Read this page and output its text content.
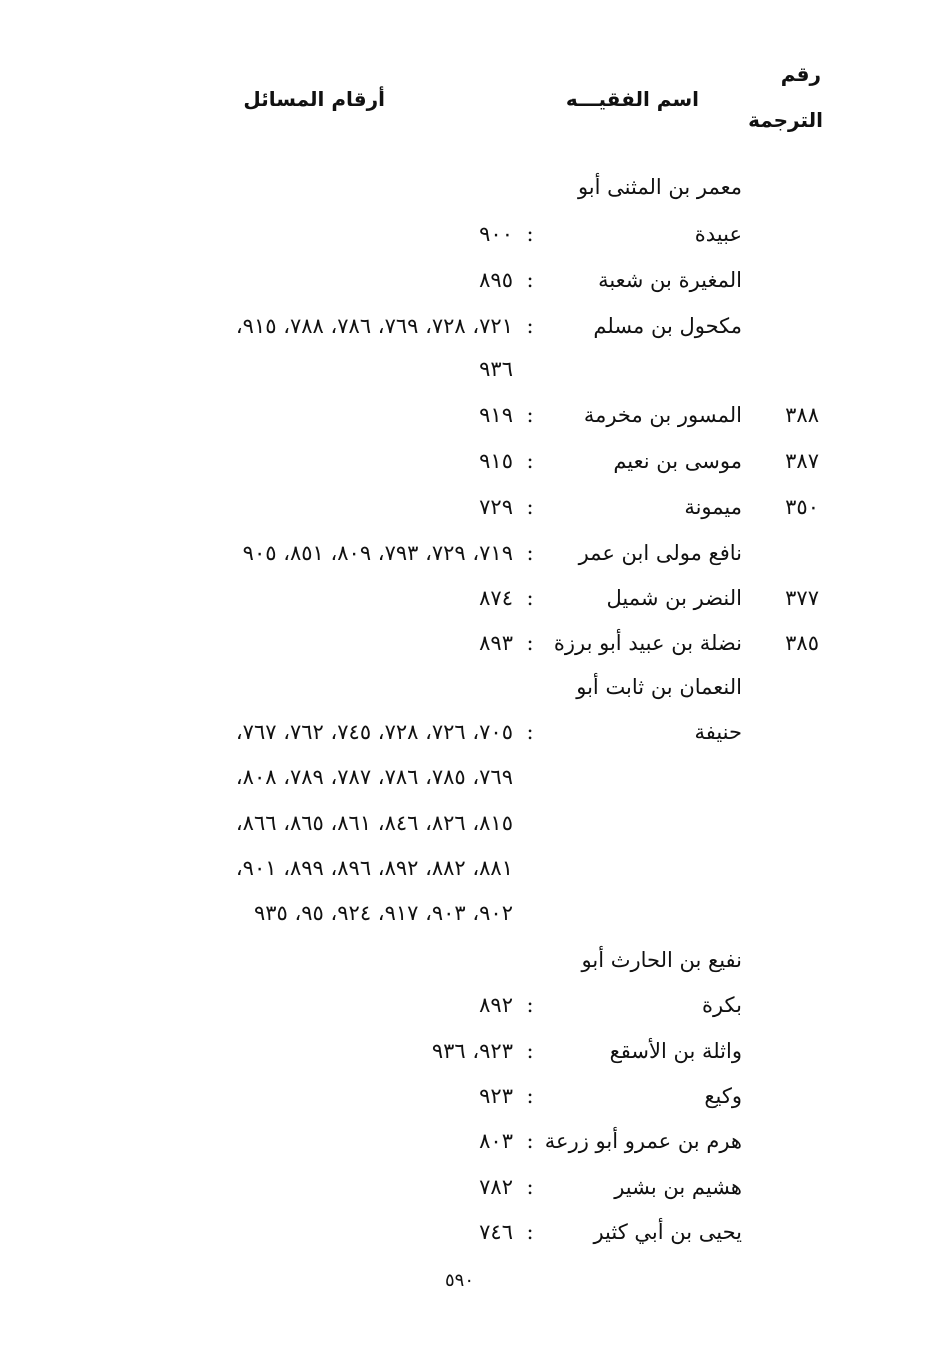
رقم
الترجمة
اسم الفقيـــه
أرقام المسائل
معمر بن المثنى أبو
عبيدة
:
٩٠٠
المغيرة بن شعبة
:
٨٩٥
مكحول بن مسلم
:
٧٢١، ٧٢٨، ٧٦٩، ٧٨٦، ٧٨٨، ٩١٥،
٩٣٦
٣٨٨
المسور بن مخرمة
:
٩١٩
٣٨٧
موسى بن نعيم
:
٩١٥
٣٥٠
ميمونة
:
٧٢٩
نافع مولى ابن عمر
:
٧١٩، ٧٢٩، ٧٩٣، ٨٠٩، ٨٥١، ٩٠٥
٣٧٧
النضر بن شميل
:
٨٧٤
٣٨٥
نضلة بن عبيد أبو برزة
:
٨٩٣
النعمان بن ثابت أبو
حنيفة
:
٧٠٥، ٧٢٦، ٧٢٨، ٧٤٥، ٧٦٢، ٧٦٧،
٧٦٩، ٧٨٥، ٧٨٦، ٧٨٧، ٧٨٩، ٨٠٨،
٨١٥، ٨٢٦، ٨٤٦، ٨٦١، ٨٦٥، ٨٦٦،
٨٨١، ٨٨٢، ٨٩٢، ٨٩٦، ٨٩٩، ٩٠١،
٩٠٢، ٩٠٣، ٩١٧، ٩٢٤، ٩٥، ٩٣٥
نفيع بن الحارث أبو
بكرة
:
٨٩٢
واثلة بن الأسقع
:
٩٢٣، ٩٣٦
وكيع
:
٩٢٣
هرم بن عمرو أبو زرعة
:
٨٠٣
هشيم بن بشير
:
٧٨٢
يحيى بن أبي كثير
:
٧٤٦
٥٩٠
